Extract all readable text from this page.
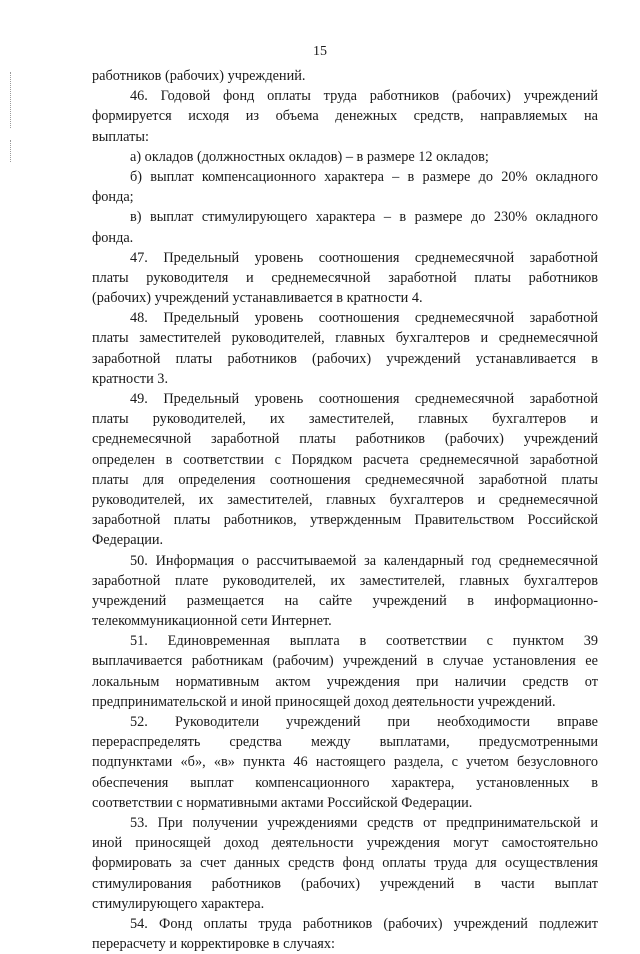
15
работников (рабочих) учреждений.
46. Годовой фонд оплаты труда работников (рабочих) учреждений
формируется исходя из объема денежных средств, направляемых на
выплаты:
а) окладов (должностных окладов) – в размере 12 окладов;
б) выплат компенсационного характера – в размере до 20% окладного
фонда;
в) выплат стимулирующего характера – в размере до 230% окладного
фонда.
47. Предельный уровень соотношения среднемесячной заработной
платы руководителя и среднемесячной заработной платы работников
(рабочих) учреждений устанавливается в кратности 4.
48. Предельный уровень соотношения среднемесячной заработной
платы заместителей руководителей, главных бухгалтеров и среднемесячной
заработной платы работников (рабочих) учреждений устанавливается в
кратности 3.
49. Предельный уровень соотношения среднемесячной заработной
платы руководителей, их заместителей, главных бухгалтеров и
среднемесячной заработной платы работников (рабочих) учреждений
определен в соответствии с Порядком расчета среднемесячной заработной
платы для определения соотношения среднемесячной заработной платы
руководителей, их заместителей, главных бухгалтеров и среднемесячной
заработной платы работников, утвержденным Правительством Российской
Федерации.
50. Информация о рассчитываемой за календарный год среднемесячной
заработной плате руководителей, их заместителей, главных бухгалтеров
учреждений размещается на сайте учреждений в информационно-
телекоммуникационной сети Интернет.
51. Единовременная выплата в соответствии с пунктом 39
выплачивается работникам (рабочим) учреждений в случае установления ее
локальным нормативным актом учреждения при наличии средств от
предпринимательской и иной приносящей доход деятельности учреждений.
52. Руководители учреждений при необходимости вправе
перераспределять средства между выплатами, предусмотренными
подпунктами «б», «в» пункта 46 настоящего раздела, с учетом безусловного
обеспечения выплат компенсационного характера, установленных в
соответствии с нормативными актами Российской Федерации.
53. При получении учреждениями средств от предпринимательской и
иной приносящей доход деятельности учреждения могут самостоятельно
формировать за счет данных средств фонд оплаты труда для осуществления
стимулирования работников (рабочих) учреждений в части выплат
стимулирующего характера.
54. Фонд оплаты труда работников (рабочих) учреждений подлежит
перерасчету и корректировке в случаях:
